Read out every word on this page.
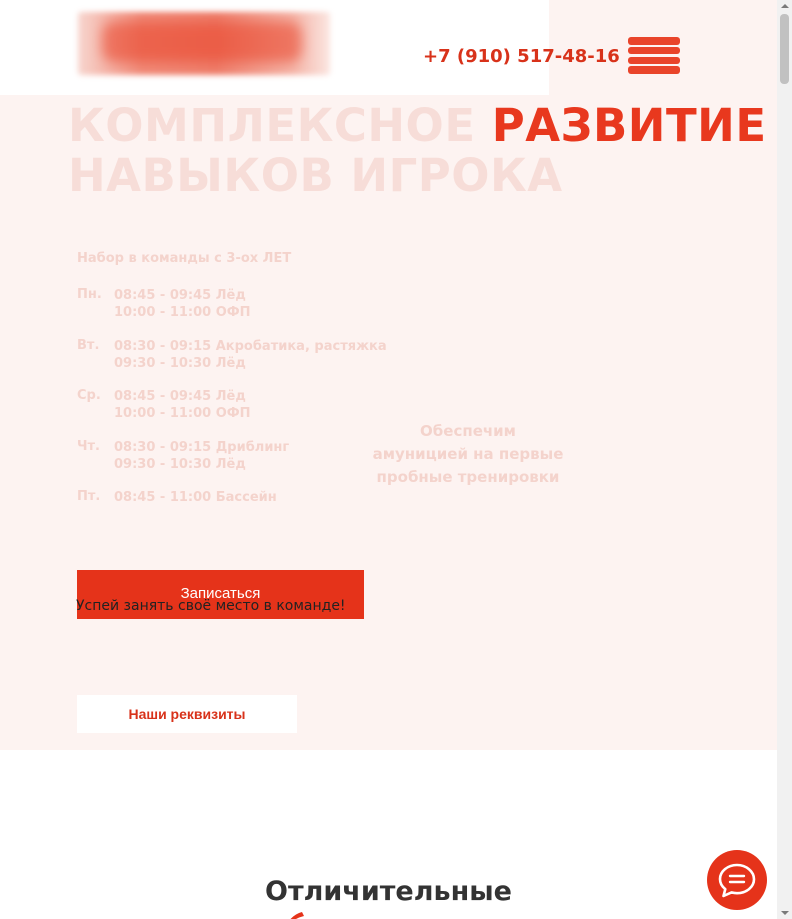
+7 (910) 517-48-16
КОМПЛЕКСНОЕ РАЗВИТИЕ
НАВЫКОВ ИГРОКА
Набор в команды с 3-ох ЛЕТ
Пн. 08:45 - 09:45 Лёд
10:00 - 11:00 ОФП
Вт. 08:30 - 09:15 Акробатика, растяжка
09:30 - 10:30 Лёд
Ср. 08:45 - 09:45 Лёд
10:00 - 11:00 ОФП
Чт. 08:30 - 09:15 Дриблинг
09:30 - 10:30 Лёд
Пт. 08:45 - 11:00 Бассейн
Обеспечим амуницией на первые пробные тренировки
Записаться
Успей занять своё место в команде!
Наши реквизиты
Отличительные
